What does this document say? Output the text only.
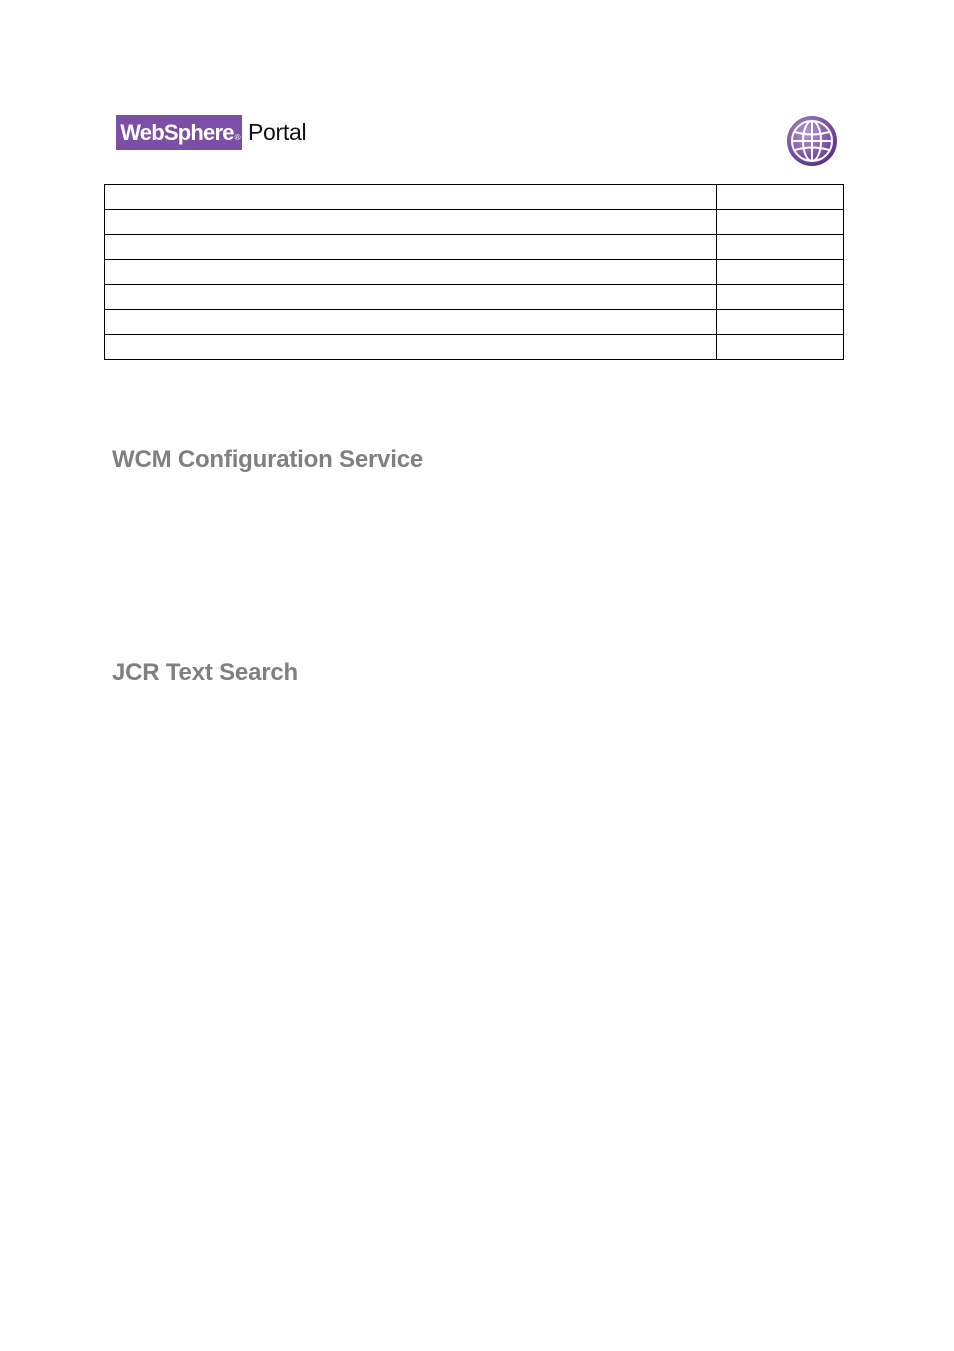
WebSphere ® Portal

WCM Configuration Service
JCR Text Search
